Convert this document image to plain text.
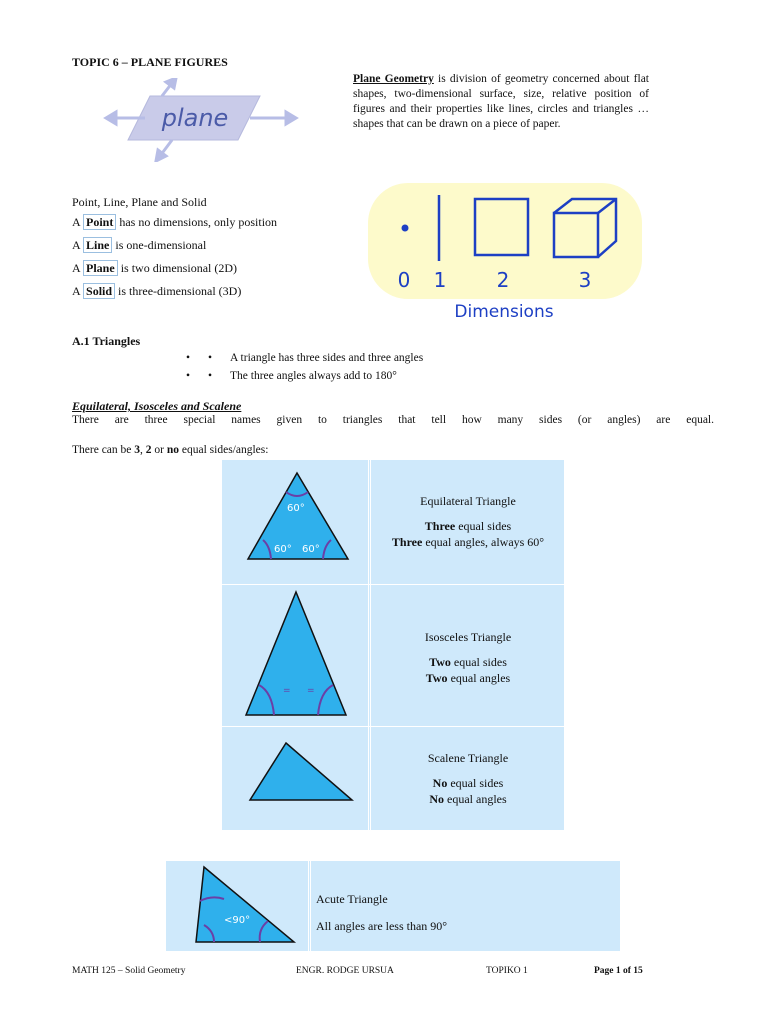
TOPIC 6 – PLANE FIGURES
plane
Plane Geometry is division of geometry concerned about flat shapes, two-dimensional surface, size, relative position of figures and their properties like lines, circles and triangles … shapes that can be drawn on a piece of paper.
Point, Line, Plane and Solid
A Point has no dimensions, only position
A Line is one-dimensional
A Plane is two dimensional (2D)
A Solid is three-dimensional (3D)	0 1	2	3
Dimensions
A.1 Triangles
• • A triangle has three sides and three angles
• • The three angles always add to 180°
Equilateral, Isosceles and Scalene
There are three special names given to triangles that tell how many sides (or angles) are equal.
There can be 3, 2 or no equal sides/angles:
60°
60° 60°
Equilateral Triangle
Three equal sides
Three equal angles, always 60°
= =
Isosceles Triangle
Two equal sides
Two equal angles
Scalene Triangle
No equal sides
No equal angles
<90°
Acute Triangle
All angles are less than 90°
MATH 125 – Solid Geometry	ENGR. RODGE URSUA	TOPIKO 1	Page 1 of 15
